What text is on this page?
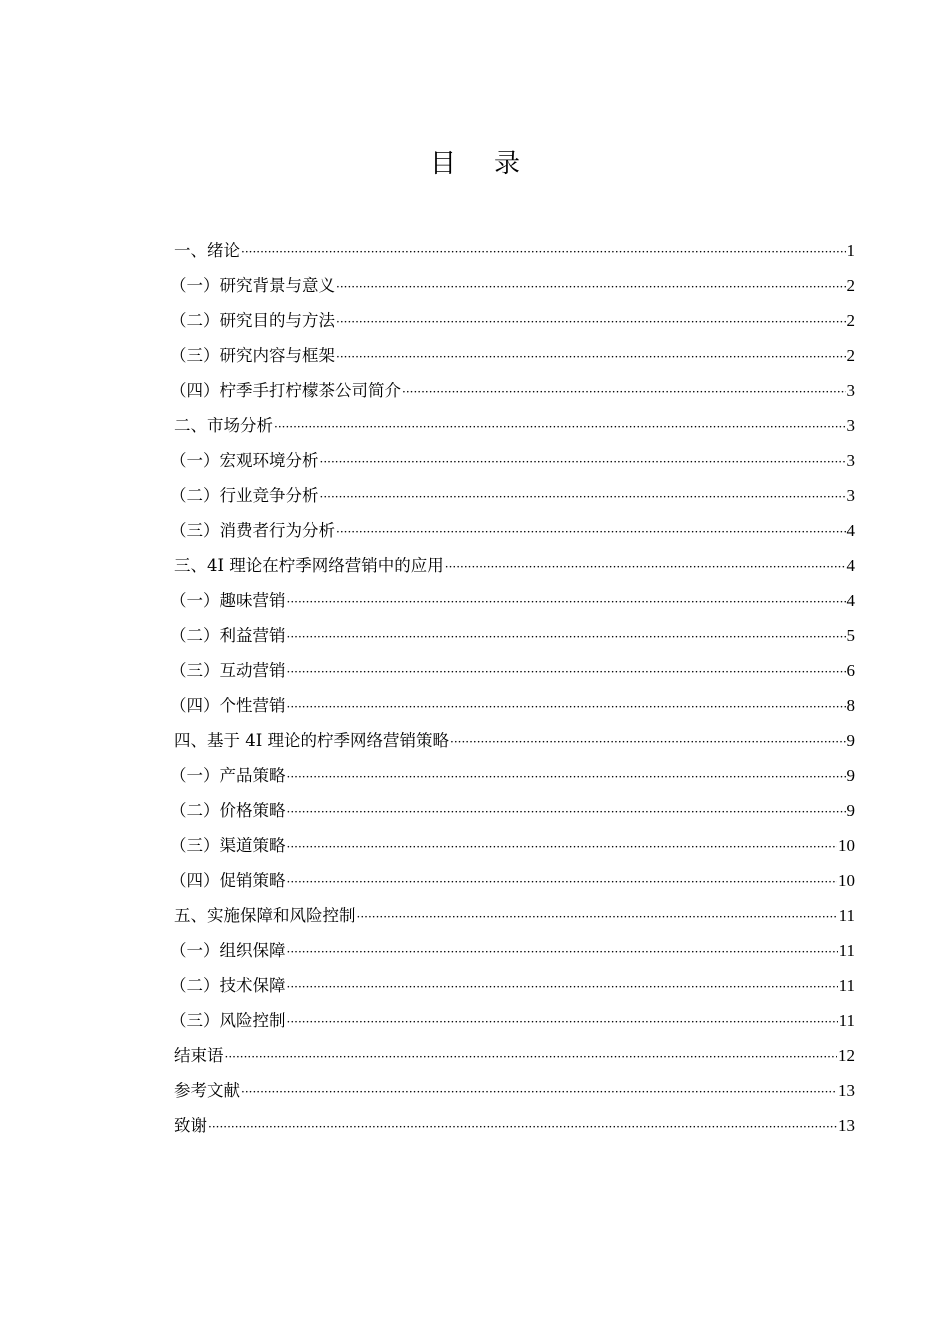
目录
一、绪论 ·····	1
（一）研究背景与意义 ·····	2
（二）研究目的与方法 ·····	2
（三）研究内容与框架 ·····	2
（四）柠季手打柠檬茶公司简介 ·····	3
二、市场分析 ·····	3
（一）宏观环境分析 ·····	3
（二）行业竞争分析 ·····	3
（三）消费者行为分析 ·····	4
三、4I 理论在柠季网络营销中的应用 ·····	4
（一）趣味营销 ·····	4
（二）利益营销 ·····	5
（三）互动营销 ·····	6
（四）个性营销 ·····	8
四、基于 4I 理论的柠季网络营销策略 ·····	9
（一）产品策略 ·····	9
（二）价格策略 ·····	9
（三）渠道策略 ·····	10
（四）促销策略 ·····	10
五、实施保障和风险控制 ·····	11
（一）组织保障 ·····	11
（二）技术保障 ·····	11
（三）风险控制 ·····	11
结束语 ·····	12
参考文献 ·····	13
致谢 ·····	13
